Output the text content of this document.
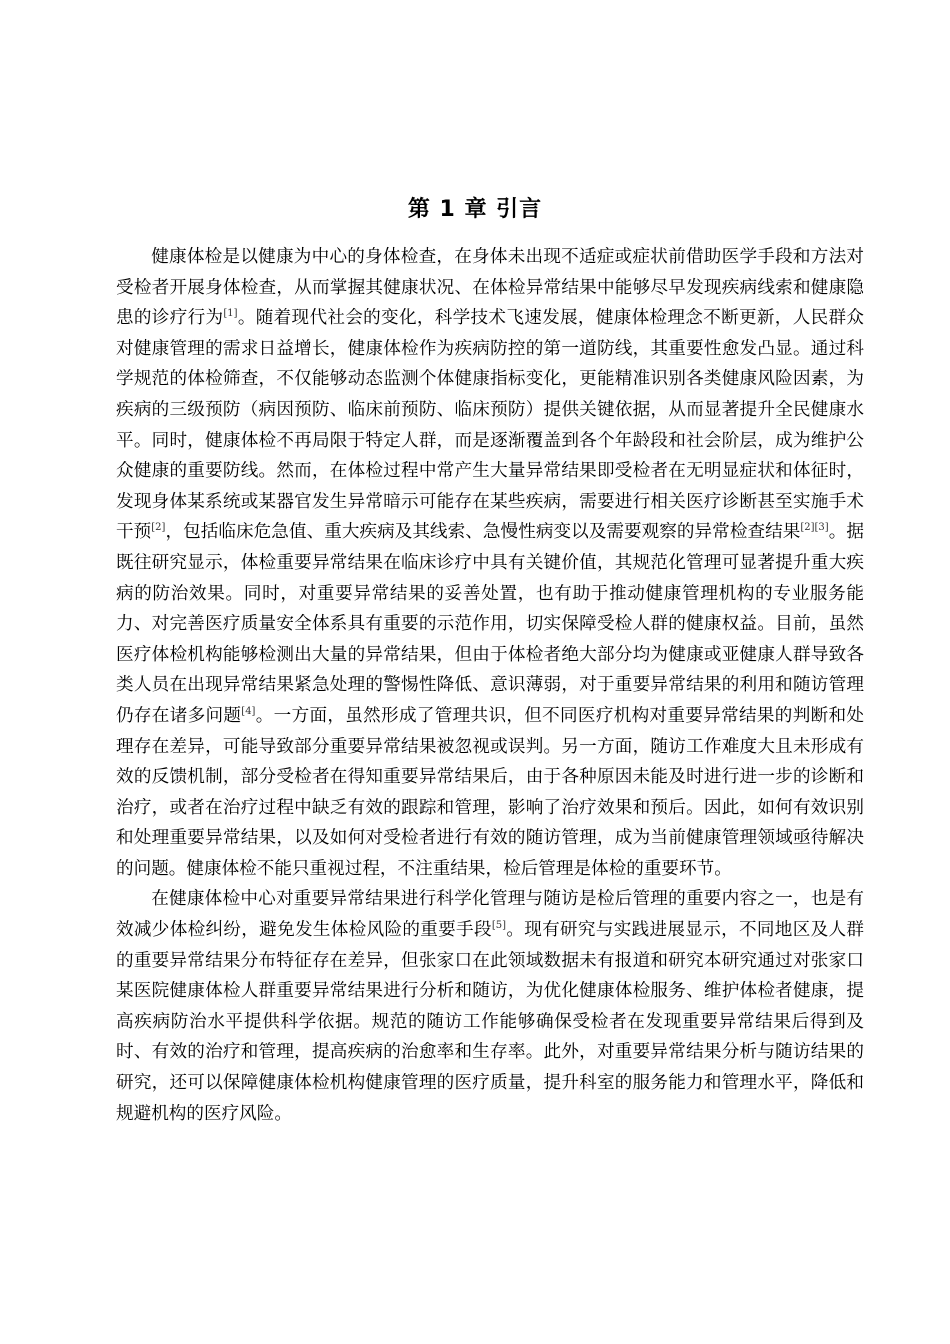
第 1 章 引言

健康体检是以健康为中心的身体检查，在身体未出现不适症或症状前借助医学手段和方法对受检者开展身体检查，从而掌握其健康状况、在体检异常结果中能够尽早发现疾病线索和健康隐患的诊疗行为[1]。随着现代社会的变化，科学技术飞速发展，健康体检理念不断更新，人民群众对健康管理的需求日益增长，健康体检作为疾病防控的第一道防线，其重要性愈发凸显。通过科学规范的体检筛查，不仅能够动态监测个体健康指标变化，更能精准识别各类健康风险因素，为疾病的三级预防（病因预防、临床前预防、临床预防）提供关键依据，从而显著提升全民健康水平。同时，健康体检不再局限于特定人群，而是逐渐覆盖到各个年龄段和社会阶层，成为维护公众健康的重要防线。然而，在体检过程中常产生大量异常结果即受检者在无明显症状和体征时，发现身体某系统或某器官发生异常暗示可能存在某些疾病，需要进行相关医疗诊断甚至实施手术干预[2]，包括临床危急值、重大疾病及其线索、急慢性病变以及需要观察的异常检查结果[2][3]。据既往研究显示，体检重要异常结果在临床诊疗中具有关键价值，其规范化管理可显著提升重大疾病的防治效果。同时，对重要异常结果的妥善处置，也有助于推动健康管理机构的专业服务能力、对完善医疗质量安全体系具有重要的示范作用，切实保障受检人群的健康权益。目前，虽然医疗体检机构能够检测出大量的异常结果，但由于体检者绝大部分均为健康或亚健康人群导致各类人员在出现异常结果紧急处理的警惕性降低、意识薄弱，对于重要异常结果的利用和随访管理仍存在诸多问题[4]。一方面，虽然形成了管理共识，但不同医疗机构对重要异常结果的判断和处理存在差异，可能导致部分重要异常结果被忽视或误判。另一方面，随访工作难度大且未形成有效的反馈机制，部分受检者在得知重要异常结果后，由于各种原因未能及时进行进一步的诊断和治疗，或者在治疗过程中缺乏有效的跟踪和管理，影响了治疗效果和预后。因此，如何有效识别和处理重要异常结果，以及如何对受检者进行有效的随访管理，成为当前健康管理领域亟待解决的问题。健康体检不能只重视过程，不注重结果，检后管理是体检的重要环节。

在健康体检中心对重要异常结果进行科学化管理与随访是检后管理的重要内容之一，也是有效减少体检纠纷，避免发生体检风险的重要手段[5]。现有研究与实践进展显示，不同地区及人群的重要异常结果分布特征存在差异，但张家口在此领域数据未有报道和研究本研究通过对张家口某医院健康体检人群重要异常结果进行分析和随访，为优化健康体检服务、维护体检者健康，提高疾病防治水平提供科学依据。规范的随访工作能够确保受检者在发现重要异常结果后得到及时、有效的治疗和管理，提高疾病的治愈率和生存率。此外，对重要异常结果分析与随访结果的研究，还可以保障健康体检机构健康管理的医疗质量，提升科室的服务能力和管理水平，降低和规避机构的医疗风险。
